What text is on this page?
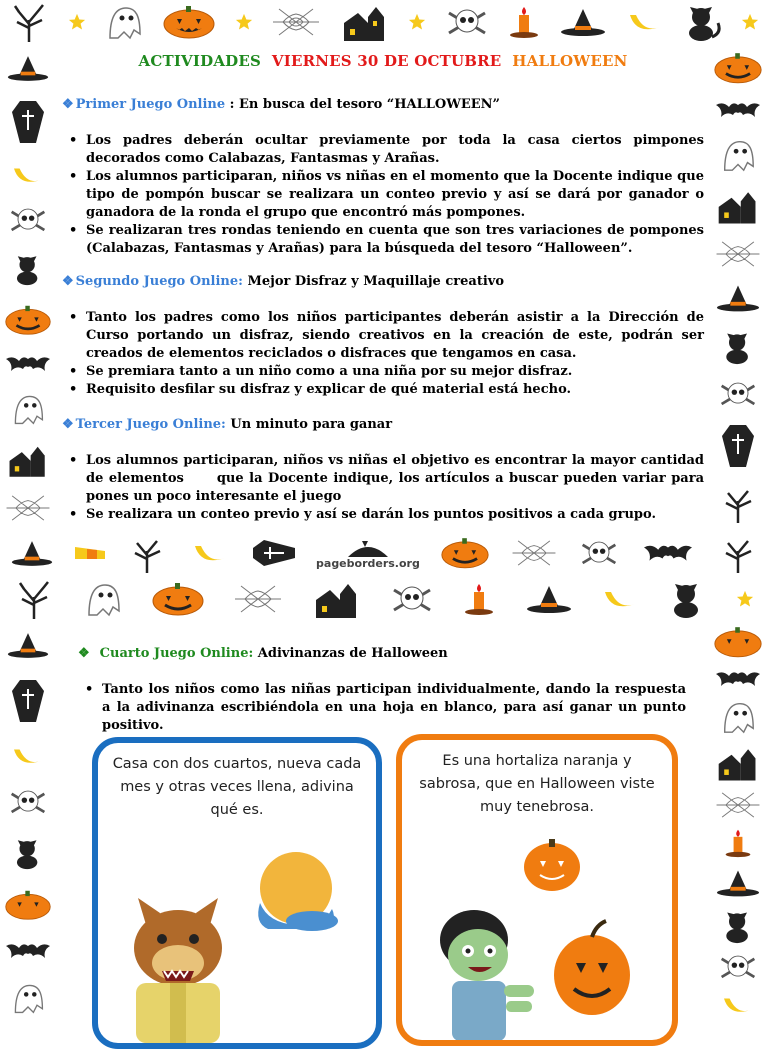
pageborders.org
ACTIVIDADES VIERNES 30 DE OCTUBRE HALLOWEEN

❖ Primer Juego Online : En busca del tesoro “HALLOWEEN”

• Los padres deberán ocultar previamente por toda la casa ciertos pimpones decorados como Calabazas, Fantasmas y Arañas.
• Los alumnos participaran, niños vs niñas en el momento que la Docente indique que tipo de pompón buscar se realizara un conteo previo y así se dará por ganador o ganadora de la ronda el grupo que encontró más pompones.
• Se realizaran tres rondas teniendo en cuenta que son tres variaciones de pompones (Calabazas, Fantasmas y Arañas) para la búsqueda del tesoro “Halloween”.

❖ Segundo Juego Online: Mejor Disfraz y Maquillaje creativo

• Tanto los padres como los niños participantes deberán asistir a la Dirección de Curso portando un disfraz, siendo creativos en la creación de este, podrán ser creados de elementos reciclados o disfraces que tengamos en casa.
• Se premiara tanto a un niño como a una niña por su mejor disfraz.
• Requisito desfilar su disfraz y explicar de qué material está hecho.

❖ Tercer Juego Online: Un minuto para ganar

• Los alumnos participaran, niños vs niñas el objetivo es encontrar la mayor cantidad de elementos      que la Docente indique, los artículos a buscar pueden variar para pones un poco interesante el juego
• Se realizara un conteo previo y así se darán los puntos positivos a cada grupo.

❖ Cuarto Juego Online: Adivinanzas de Halloween

• Tanto los niños como las niñas participan individualmente, dando la respuesta a la adivinanza escribiéndola en una hoja en blanco, para así ganar un punto positivo.
Casa con dos cuartos, nueva cada mes y otras veces llena, adivina qué es.
Es una hortaliza naranja y sabrosa, que en Halloween viste muy tenebrosa.
